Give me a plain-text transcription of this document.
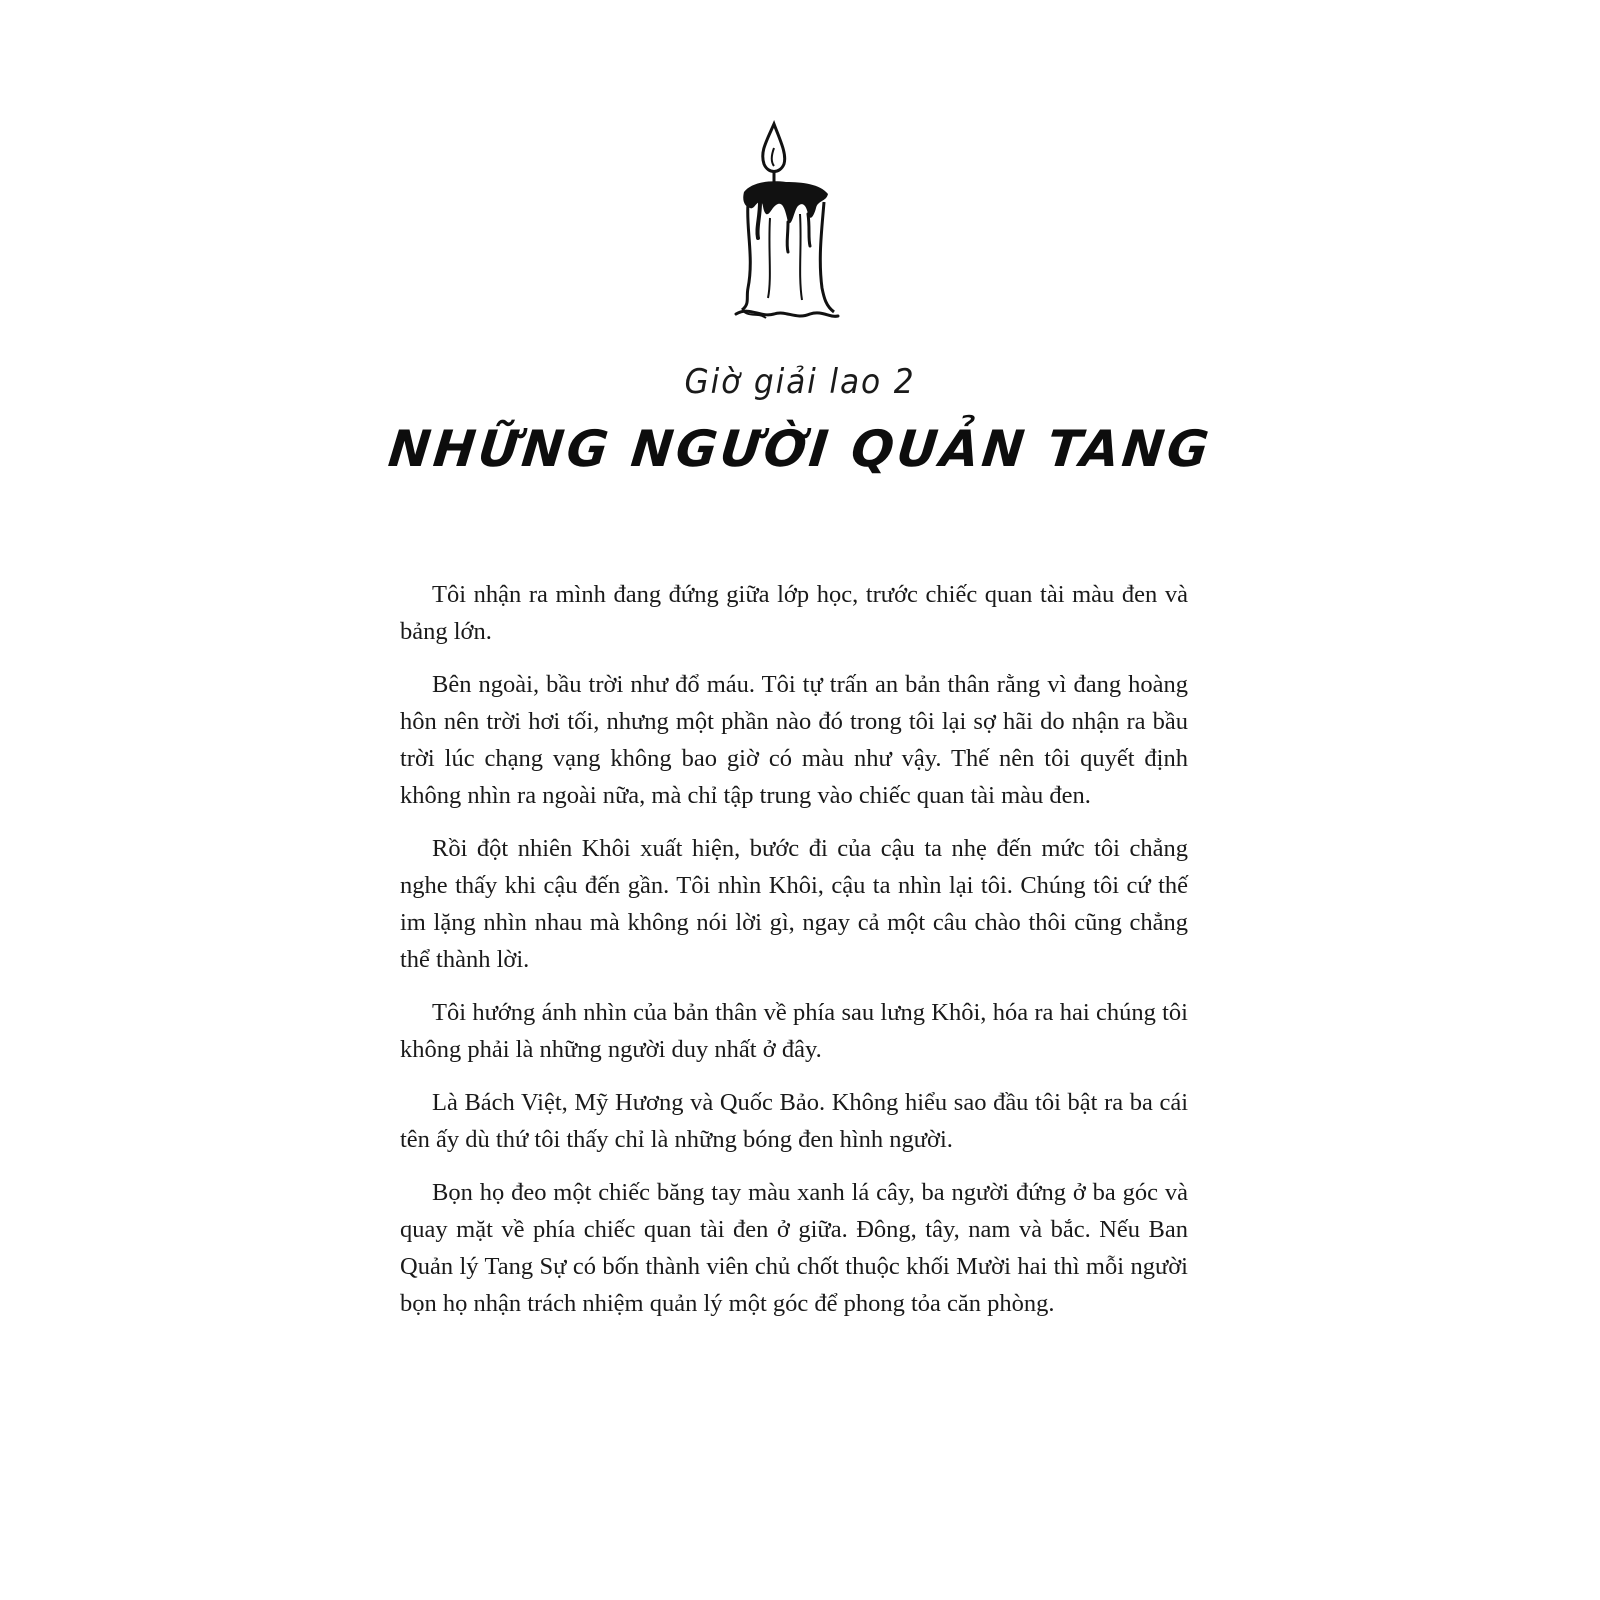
Giờ giải lao 2
NHỮNG NGƯỜI QUẢN TANG

Tôi nhận ra mình đang đứng giữa lớp học, trước chiếc quan tài màu đen và bảng lớn.

Bên ngoài, bầu trời như đổ máu. Tôi tự trấn an bản thân rằng vì đang hoàng hôn nên trời hơi tối, nhưng một phần nào đó trong tôi lại sợ hãi do nhận ra bầu trời lúc chạng vạng không bao giờ có màu như vậy. Thế nên tôi quyết định không nhìn ra ngoài nữa, mà chỉ tập trung vào chiếc quan tài màu đen.

Rồi đột nhiên Khôi xuất hiện, bước đi của cậu ta nhẹ đến mức tôi chẳng nghe thấy khi cậu đến gần. Tôi nhìn Khôi, cậu ta nhìn lại tôi. Chúng tôi cứ thế im lặng nhìn nhau mà không nói lời gì, ngay cả một câu chào thôi cũng chẳng thể thành lời.

Tôi hướng ánh nhìn của bản thân về phía sau lưng Khôi, hóa ra hai chúng tôi không phải là những người duy nhất ở đây.

Là Bách Việt, Mỹ Hương và Quốc Bảo. Không hiểu sao đầu tôi bật ra ba cái tên ấy dù thứ tôi thấy chỉ là những bóng đen hình người.

Bọn họ đeo một chiếc băng tay màu xanh lá cây, ba người đứng ở ba góc và quay mặt về phía chiếc quan tài đen ở giữa. Đông, tây, nam và bắc. Nếu Ban Quản lý Tang Sự có bốn thành viên chủ chốt thuộc khối Mười hai thì mỗi người bọn họ nhận trách nhiệm quản lý một góc để phong tỏa căn phòng.
